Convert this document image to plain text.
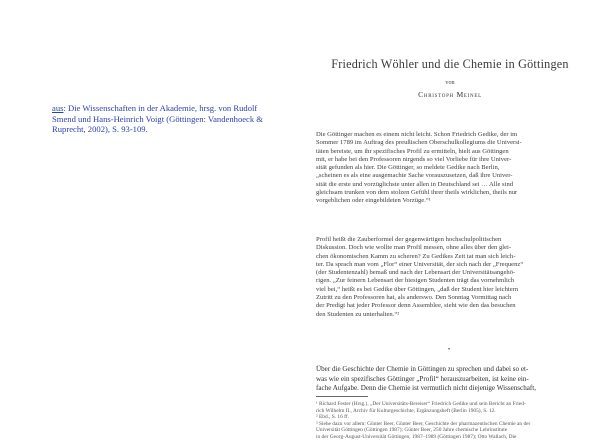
aus: Die Wissenschaften in der Akademie, hrsg. von Rudolf Smend und Hans-Heinrich Voigt (Göttingen: Vandenhoeck & Ruprecht, 2002), S. 93-109.
Friedrich Wöhler und die Chemie in Göttingen
von
Christoph Meinel
Die Göttinger machen es einem nicht leicht. Schon Friedrich Gedike, der im
Sommer 1789 im Auftrag des preußischen Oberschulkollegiums die Universi-
täten bereiste, um ihr spezifisches Profil zu ermitteln, hielt aus Göttingen
mit, er habe bei den Professoren nirgends so viel Vorliebe für ihre Univer-
sität gefunden als hier. Die Göttinger, so meldete Gedike nach Berlin,
„scheinen es als eine ausgemachte Sache vorauszusetzen, daß ihre Univer-
sität die erste und vorzüglichste unter allen in Deutschland sei … Alle sind
gleichsam trunken von dem stolzen Gefühl ihrer theils wirklichen, theils nur
vorgeblichen oder eingebildeten Vorzüge.“¹
Profil heißt die Zauberformel der gegenwärtigen hochschulpolitischen
Diskussion. Doch wie wollte man Profil messen, ohne alles über den glei-
chen ökonomischen Kamm zu scheren? Zu Gedikes Zeit tat man sich leich-
ter. Da sprach man vom „Flor“ einer Universität, der sich nach der „Frequenz“
(der Studentenzahl) bemaß und nach der Lebensart der Universitätsangehö-
rigen. „Zur feinern Lebensart der hiesigen Studenten trägt das vornehmlich
viel bei,“ heißt es bei Gedike über Göttingen, „daß der Student hier leichtern
Zutritt zu den Professoren hat, als anderswo. Den Sonntag Vormittag nach
der Predigt hat jeder Professor denn Assemblee, sieht wie den das besuchen
den Studenten zu unterhalten.“²
•
Über die Geschichte der Chemie in Göttingen zu sprechen und dabei so et-
was wie ein spezifisches Göttinger „Profil“ herauszuarbeiten, ist keine ein-
fache Aufgabe. Denn die Chemie ist vermutlich nicht diejenige Wissenschaft,
¹ Richard Fester (Hrsg.), „Der Universitäts-Bereiser“ Friedrich Gedike und sein Bericht an Fried-
rich Wilhelm II., Archiv für Kulturgeschichte, Ergänzungsheft (Berlin 1905), S. 12.
² Ebd., S. 16 ff.
³ Siehe dazu vor allem: Günter Beer, Günter Beer, Geschichte der pharmazeutischen Chemie an der
Universität Göttingen (Göttingen 1987); Günter Beer, 250 Jahre chemische Lehrinstitute
in der Georg-August-Universität Göttingen, 1987–1989 (Göttingen 1987); Otto Wallach, Die
